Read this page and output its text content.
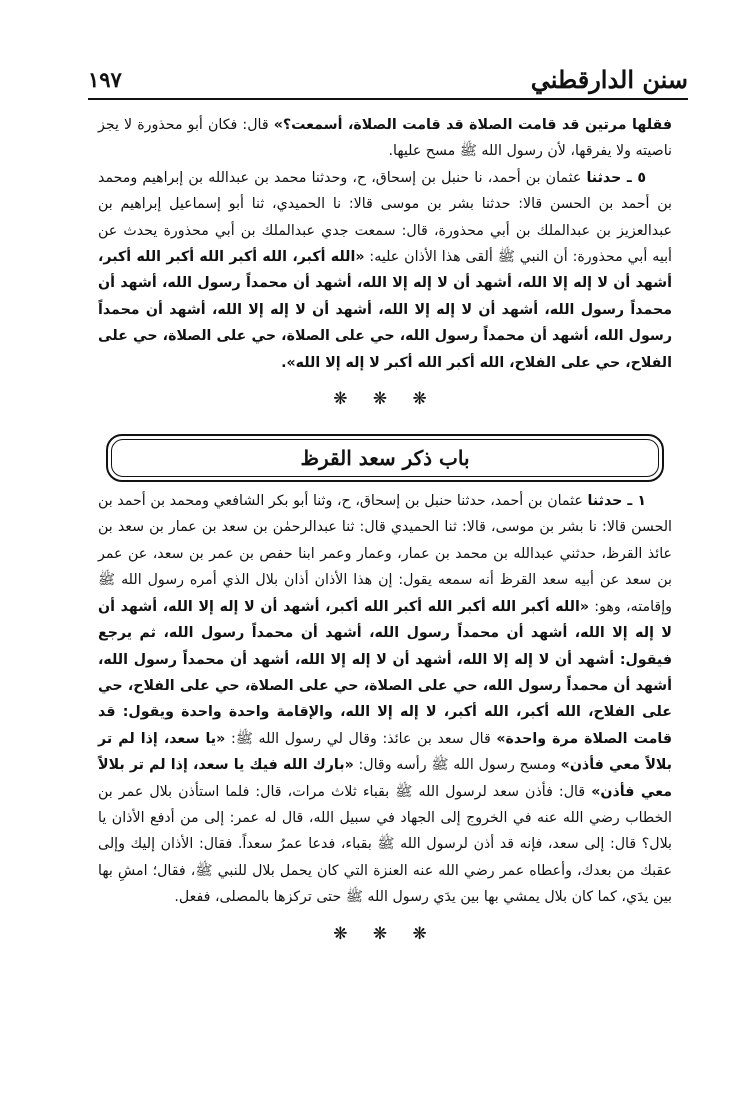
سنن الدارقطني
١٩٧

فقلها مرتين قد قامت الصلاة قد قامت الصلاة، أسمعت؟» قال: فكان أبو محذورة لا يجز ناصيته ولا يفرقها، لأن رسول الله ﷺ مسح عليها.

٥ ـ حدثنا عثمان بن أحمد، نا حنبل بن إسحاق، ح، وحدثنا محمد بن عبدالله بن إبراهيم ومحمد بن أحمد بن الحسن قالا: حدثنا بشر بن موسى قالا: نا الحميدي، ثنا أبو إسماعيل إبراهيم بن عبدالعزيز بن عبدالملك بن أبي محذورة، قال: سمعت جدي عبدالملك بن أبي محذورة يحدث عن أبيه أبي محذورة: أن النبي ﷺ ألقى هذا الأذان عليه: «الله أكبر، الله أكبر الله أكبر الله أكبر، أشهد أن لا إله إلا الله، أشهد أن لا إله إلا الله، أشهد أن محمداً رسول الله، أشهد أن محمداً رسول الله، أشهد أن لا إله إلا الله، أشهد أن لا إله إلا الله، أشهد أن محمداً رسول الله، أشهد أن محمداً رسول الله، حي على الصلاة، حي على الصلاة، حي على الفلاح، حي على الفلاح، الله أكبر الله أكبر لا إله إلا الله».

❋ ❋ ❋
باب ذكر سعد القرظ

١ ـ حدثنا عثمان بن أحمد، حدثنا حنبل بن إسحاق، ح، وثنا أبو بكر الشافعي ومحمد بن أحمد بن الحسن قالا: نا بشر بن موسى، قالا: ثنا الحميدي قال: ثنا عبدالرحمٰن بن سعد بن عمار بن سعد بن عائذ القرظ، حدثني عبدالله بن محمد بن عمار، وعمار وعمر ابنا حفص بن عمر بن سعد، عن عمر بن سعد عن أبيه سعد القرظ أنه سمعه يقول: إن هذا الأذان أذان بلال الذي أمره رسول الله ﷺ وإقامته، وهو: «الله أكبر الله أكبر الله أكبر الله أكبر، أشهد أن لا إله إلا الله، أشهد أن لا إله إلا الله، أشهد أن محمداً رسول الله، أشهد أن محمداً رسول الله، ثم يرجع فيقول: أشهد أن لا إله إلا الله، أشهد أن لا إله إلا الله، أشهد أن محمداً رسول الله، أشهد أن محمداً رسول الله، حي على الصلاة، حي على الصلاة، حي على الفلاح، حي على الفلاح، الله أكبر، الله أكبر، لا إله إلا الله، والإقامة واحدة واحدة ويقول: قد قامت الصلاة مرة واحدة» قال سعد بن عائذ: وقال لي رسول الله ﷺ: «يا سعد، إذا لم تر بلالاً معي فأذن» ومسح رسول الله ﷺ رأسه وقال: «بارك الله فيك يا سعد، إذا لم تر بلالاً معي فأذن» قال: فأذن سعد لرسول الله ﷺ بقباء ثلاث مرات، قال: فلما استأذن بلال عمر بن الخطاب رضي الله عنه في الخروج إلى الجهاد في سبيل الله، قال له عمر: إلى من أدفع الأذان يا بلال؟ قال: إلى سعد، فإنه قد أذن لرسول الله ﷺ بقباء، فدعا عمرُ سعداً. فقال: الأذان إليك وإلى عقبك من بعدك، وأعطاه عمر رضي الله عنه العنزة التي كان يحمل بلال للنبي ﷺ، فقال؛ امشِ بها بين يدَي، كما كان بلال يمشي بها بين يدَي رسول الله ﷺ حتى تركزها بالمصلى، ففعل.

❋ ❋ ❋
